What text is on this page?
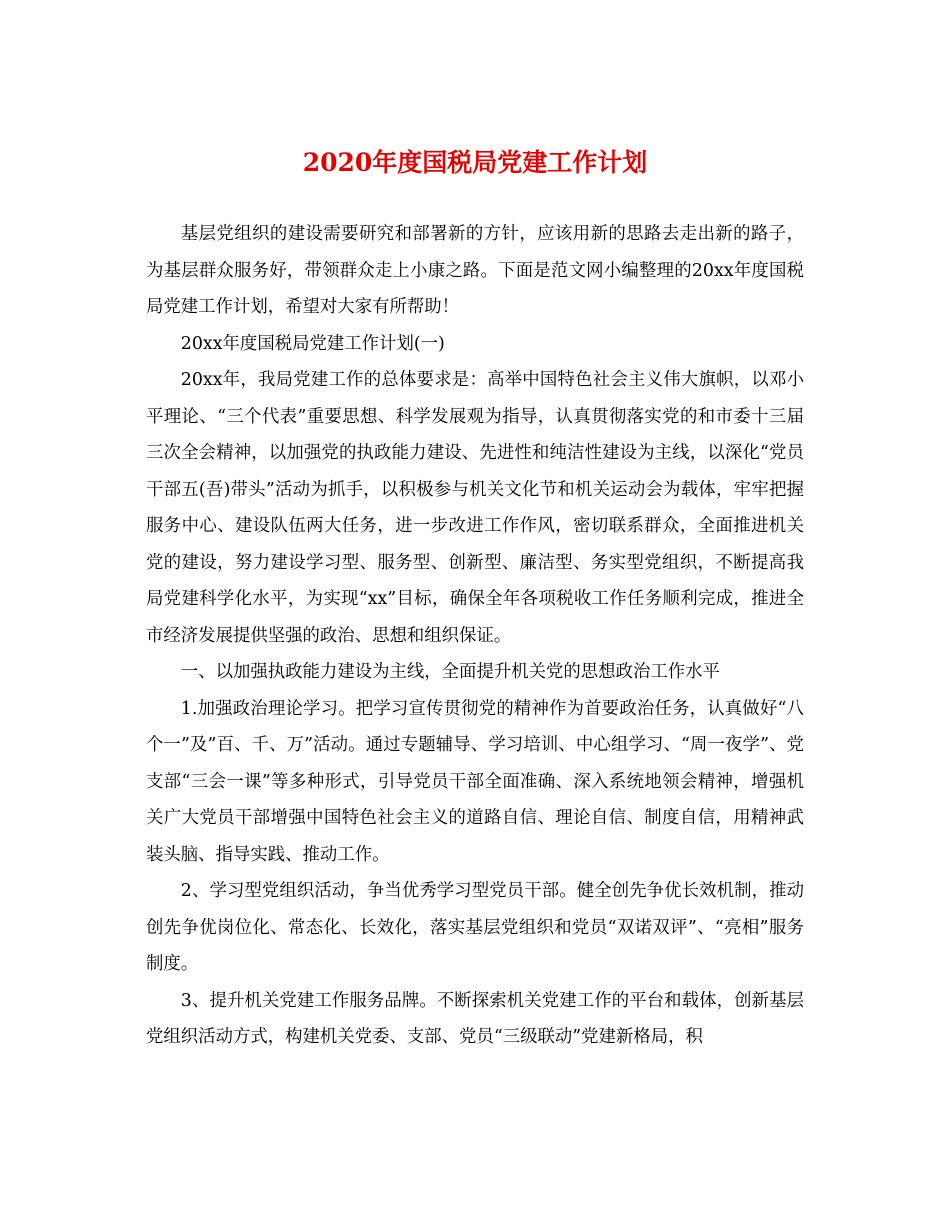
2020年度国税局党建工作计划

基层党组织的建设需要研究和部署新的方针，应该用新的思路去走出新的路子，为基层群众服务好，带领群众走上小康之路。下面是范文网小编整理的20xx年度国税局党建工作计划，希望对大家有所帮助！

20xx年度国税局党建工作计划(一)

20xx年，我局党建工作的总体要求是：高举中国特色社会主义伟大旗帜，以邓小平理论、“三个代表”重要思想、科学发展观为指导，认真贯彻落实党的和市委十三届三次全会精神，以加强党的执政能力建设、先进性和纯洁性建设为主线，以深化“党员干部五(吾)带头”活动为抓手，以积极参与机关文化节和机关运动会为载体，牢牢把握服务中心、建设队伍两大任务，进一步改进工作作风，密切联系群众，全面推进机关党的建设，努力建设学习型、服务型、创新型、廉洁型、务实型党组织，不断提高我局党建科学化水平，为实现“xx”目标，确保全年各项税收工作任务顺利完成，推进全市经济发展提供坚强的政治、思想和组织保证。

一、以加强执政能力建设为主线，全面提升机关党的思想政治工作水平

1.加强政治理论学习。把学习宣传贯彻党的精神作为首要政治任务，认真做好“八个一”及”百、千、万”活动。通过专题辅导、学习培训、中心组学习、“周一夜学”、党支部“三会一课”等多种形式，引导党员干部全面准确、深入系统地领会精神，增强机关广大党员干部增强中国特色社会主义的道路自信、理论自信、制度自信，用精神武装头脑、指导实践、推动工作。

2、学习型党组织活动，争当优秀学习型党员干部。健全创先争优长效机制，推动创先争优岗位化、常态化、长效化，落实基层党组织和党员“双诺双评”、“亮相”服务制度。

3、提升机关党建工作服务品牌。不断探索机关党建工作的平台和载体，创新基层党组织活动方式，构建机关党委、支部、党员“三级联动”党建新格局，积
